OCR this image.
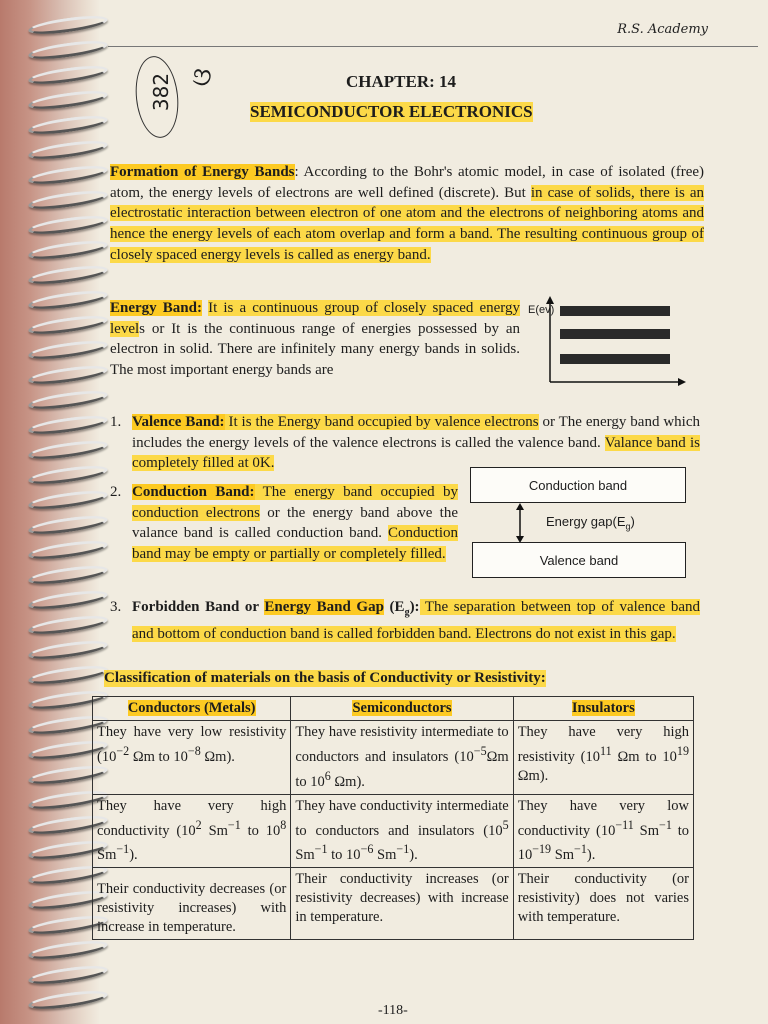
R.S. Academy
382 ଓ	CHAPTER: 14
SEMICONDUCTOR ELECTRONICS
Formation of Energy Bands: According to the Bohr's atomic model, in case of isolated (free) atom, the energy levels of electrons are well defined (discrete). But in case of solids, there is an electrostatic interaction between electron of one atom and the electrons of neighboring atoms and hence the energy levels of each atom overlap and form a band. The resulting continuous group of closely spaced energy levels is called as energy band.
Energy Band: It is a continuous group of closely spaced energy levels or It is the continuous range of energies possessed by an electron in solid. There are infinitely many energy bands in solids. The most important energy bands are
E(ev)
1. Valence Band: It is the Energy band occupied by valence electrons or The energy band which includes the energy levels of the valence electrons is called the valence band. Valance band is completely filled at 0K.
2. Conduction Band: The energy band occupied by conduction electrons or the energy band above the valance band is called conduction band. Conduction band may be empty or partially or completely filled.
Conduction band
Energy $gap(E_g)$
Valence band
3. Forbidden Band or Energy Band Gap $(E_g)$: The separation between top of valence band and bottom of conduction band is called forbidden band. Electrons do not exist in this gap.
Classification of materials on the basis of Conductivity or Resistivity:
Conductors (Metals)	Semiconductors	Insulators
They have very low resistivity ($10^{-2}$ Ωm to $10^{-8}$ Ωm).	They have resistivity intermediate to conductors and insulators ($10^{-5}\Omega m$ to $10^6$ Ωm).	They have very high resistivity ($10^{11}$ Ωm to $10^{19}$ Ωm).
They have very high conductivity ($10^2$ $Sm^{-1}$ to $10^8$ $Sm^{-1}$).	They have conductivity intermediate to conductors and insulators ($10^5$ $Sm^{-1}$ to $10^{-6}$ $Sm^{-1}$).	They have very low conductivity ($10^{-11}$ $Sm^{-1}$ to $10^{-19}$ $Sm^{-1}$).
Their conductivity decreases (or resistivity increases) with increase in temperature.	Their conductivity increases (or resistivity decreases) with increase in temperature.	Their conductivity (or resistivity) does not varies with temperature.
-118-
